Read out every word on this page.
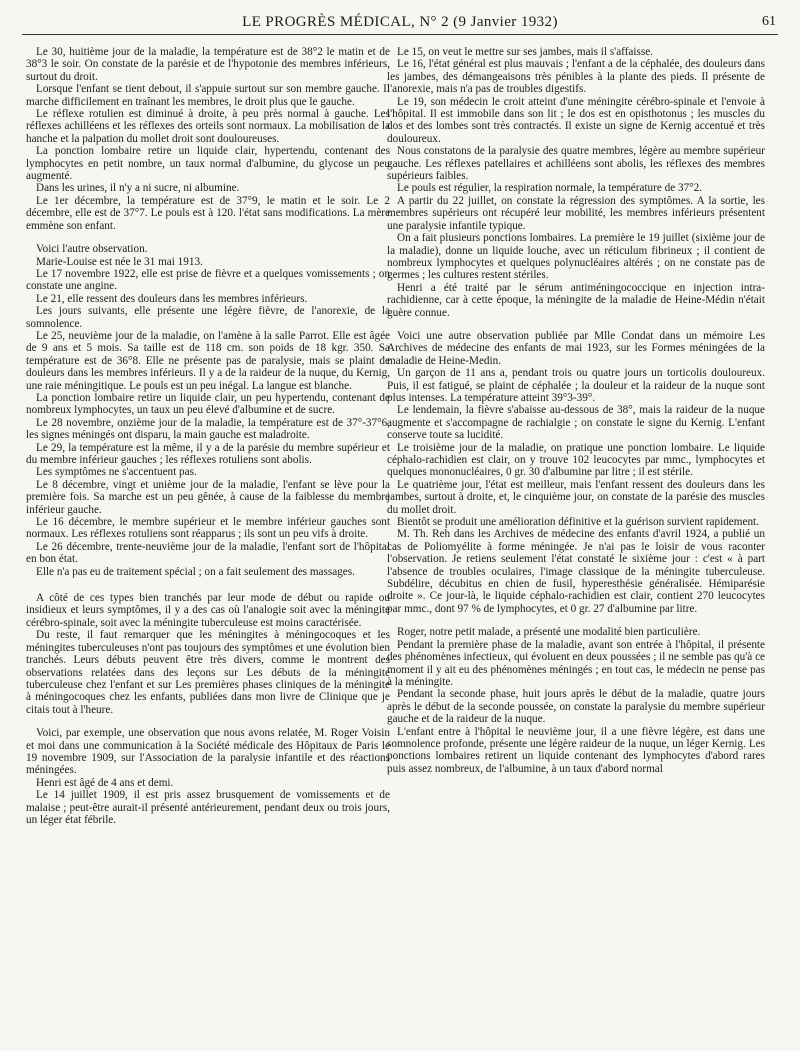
LE PROGRÈS MÉDICAL, N° 2 (9 Janvier 1932)	61

Le 30, huitième jour de la maladie, la température est de 38°2 le matin et de 38°3 le soir. On constate de la parésie et de l'hypotonie des membres inférieurs, surtout du droit.

Lorsque l'enfant se tient debout, il s'appuie surtout sur son membre gauche. Il marche difficilement en traînant les membres, le droit plus que le gauche.

Le réflexe rotulien est diminué à droite, à peu près normal à gauche. Les réflexes achilléens et les réflexes des orteils sont normaux. La mobilisation de la hanche et la palpation du mollet droit sont douloureuses.

La ponction lombaire retire un liquide clair, hypertendu, contenant des lymphocytes en petit nombre, un taux normal d'albumine, du glycose un peu augmenté.

Dans les urines, il n'y a ni sucre, ni albumine.

Le 1er décembre, la température est de 37°9, le matin et le soir. Le 2 décembre, elle est de 37°7. Le pouls est à 120. l'état sans modifications. La mère emmène son enfant.

Voici l'autre observation.

Marie-Louise est née le 31 mai 1913.

Le 17 novembre 1922, elle est prise de fièvre et a quelques vomissements ; on constate une angine.

Le 21, elle ressent des douleurs dans les membres inférieurs.

Les jours suivants, elle présente une légère fièvre, de l'anorexie, de la somnolence.

Le 25, neuvième jour de la maladie, on l'amène à la salle Parrot. Elle est âgée de 9 ans et 5 mois. Sa taille est de 118 cm. son poids de 18 kgr. 350. Sa température est de 36°8. Elle ne présente pas de paralysie, mais se plaint de douleurs dans les membres inférieurs. Il y a de la raideur de la nuque, du Kernig, une raie méningitique. Le pouls est un peu inégal. La langue est blanche.

La ponction lombaire retire un liquide clair, un peu hypertendu, contenant de nombreux lymphocytes, un taux un peu élevé d'albumine et de sucre.

Le 28 novembre, onzième jour de la maladie, la température est de 37°-37°6, les signes méningés ont disparu, la main gauche est maladroite.

Le 29, la température est la même, il y a de la parésie du membre supérieur et du membre inférieur gauches ; les réflexes rotuliens sont abolis.

Les symptômes ne s'accentuent pas.

Le 8 décembre, vingt et unième jour de la maladie, l'enfant se lève pour la première fois. Sa marche est un peu gênée, à cause de la faiblesse du membre inférieur gauche.

Le 16 décembre, le membre supérieur et le membre inférieur gauches sont normaux. Les réflexes rotuliens sont réapparus ; ils sont un peu vifs à droite.

Le 26 décembre, trente-neuvième jour de la maladie, l'enfant sort de l'hôpital en bon état.

Elle n'a pas eu de traitement spécial ; on a fait seulement des massages.

A côté de ces types bien tranchés par leur mode de début ou rapide ou insidieux et leurs symptômes, il y a des cas où l'analogie soit avec la méningite cérébro-spinale, soit avec la méningite tuberculeuse est moins caractérisée.

Du reste, il faut remarquer que les méningites à méningocoques et les méningites tuberculeuses n'ont pas toujours des symptômes et une évolution bien tranchés. Leurs débuts peuvent être très divers, comme le montrent des observations relatées dans des leçons sur Les débuts de la méningite tuberculeuse chez l'enfant et sur Les premières phases cliniques de la méningite à méningocoques chez les enfants, publiées dans mon livre de Clinique que je citais tout à l'heure.

Voici, par exemple, une observation que nous avons relatée, M. Roger Voisin et moi dans une communication à la Société médicale des Hôpitaux de Paris le 19 novembre 1909, sur l'Association de la paralysie infantile et des réactions méningées.

Henri est âgé de 4 ans et demi.

Le 14 juillet 1909, il est pris assez brusquement de vomissements et de malaise ; peut-être aurait-il présenté antérieurement, pendant deux ou trois jours, un léger état fébrile.

Le 15, on veut le mettre sur ses jambes, mais il s'affaisse.

Le 16, l'état général est plus mauvais ; l'enfant a de la céphalée, des douleurs dans les jambes, des démangeaisons très pénibles à la plante des pieds. Il présente de l'anorexie, mais n'a pas de troubles digestifs.

Le 19, son médecin le croit atteint d'une méningite cérébro-spinale et l'envoie à l'hôpital. Il est immobile dans son lit ; le dos est en opisthotonus ; les muscles du dos et des lombes sont très contractés. Il existe un signe de Kernig accentué et très douloureux.

Nous constatons de la paralysie des quatre membres, légère au membre supérieur gauche. Les réflexes patellaires et achilléens sont abolis, les réflexes des membres supérieurs faibles.

Le pouls est régulier, la respiration normale, la température de 37°2.

A partir du 22 juillet, on constate la régression des symptômes. A la sortie, les membres supérieurs ont récupéré leur mobilité, les membres inférieurs présentent une paralysie infantile typique.

On a fait plusieurs ponctions lombaires. La première le 19 juillet (sixième jour de la maladie), donne un liquide louche, avec un réticulum fibrineux ; il contient de nombreux lymphocytes et quelques polynucléaires altérés ; on ne constate pas de germes ; les cultures restent stériles.

Henri a été traité par le sérum antiméningococcique en injection intra-rachidienne, car à cette époque, la méningite de la maladie de Heine-Médin n'était guère connue.

Voici une autre observation publiée par Mlle Condat dans un mémoire Les Archives de médecine des enfants de mai 1923, sur les Formes méningées de la maladie de Heine-Medin.

Un garçon de 11 ans a, pendant trois ou quatre jours un torticolis douloureux. Puis, il est fatigué, se plaint de céphalée ; la douleur et la raideur de la nuque sont plus intenses. La température atteint 39°3-39°.

Le lendemain, la fièvre s'abaisse au-dessous de 38°, mais la raideur de la nuque augmente et s'accompagne de rachialgie ; on constate le signe du Kernig. L'enfant conserve toute sa lucidité.

Le troisième jour de la maladie, on pratique une ponction lombaire. Le liquide céphalo-rachidien est clair, on y trouve 102 leucocytes par mmc., lymphocytes et quelques mononucléaires, 0 gr. 30 d'albumine par litre ; il est stérile.

Le quatrième jour, l'état est meilleur, mais l'enfant ressent des douleurs dans les jambes, surtout à droite, et, le cinquième jour, on constate de la parésie des muscles du mollet droit.

Bientôt se produit une amélioration définitive et la guérison survient rapidement.

M. Th. Reh dans les Archives de médecine des enfants d'avril 1924, a publié un cas de Poliomyélite à forme méningée. Je n'ai pas le loisir de vous raconter l'observation. Je retiens seulement l'état constaté le sixième jour : c'est « à part l'absence de troubles oculaires, l'image classique de la méningite tuberculeuse. Subdélire, décubitus en chien de fusil, hyperesthésie généralisée. Hémiparésie droite ». Ce jour-là, le liquide céphalo-rachidien est clair, contient 270 leucocytes par mmc., dont 97 % de lymphocytes, et 0 gr. 27 d'albumine par litre.

Roger, notre petit malade, a présenté une modalité bien particulière.

Pendant la première phase de la maladie, avant son entrée à l'hôpital, il présente des phénomènes infectieux, qui évoluent en deux poussées ; il ne semble pas qu'à ce moment il y ait eu des phénomènes méningés ; en tout cas, le médecin ne pense pas à la méningite.

Pendant la seconde phase, huit jours après le début de la maladie, quatre jours après le début de la seconde poussée, on constate la paralysie du membre supérieur gauche et de la raideur de la nuque.

L'enfant entre à l'hôpital le neuvième jour, il a une fièvre légère, est dans une somnolence profonde, présente une légère raideur de la nuque, un léger Kernig. Les ponctions lombaires retirent un liquide contenant des lymphocytes d'abord rares puis assez nombreux, de l'albumine, à un taux d'abord normal
